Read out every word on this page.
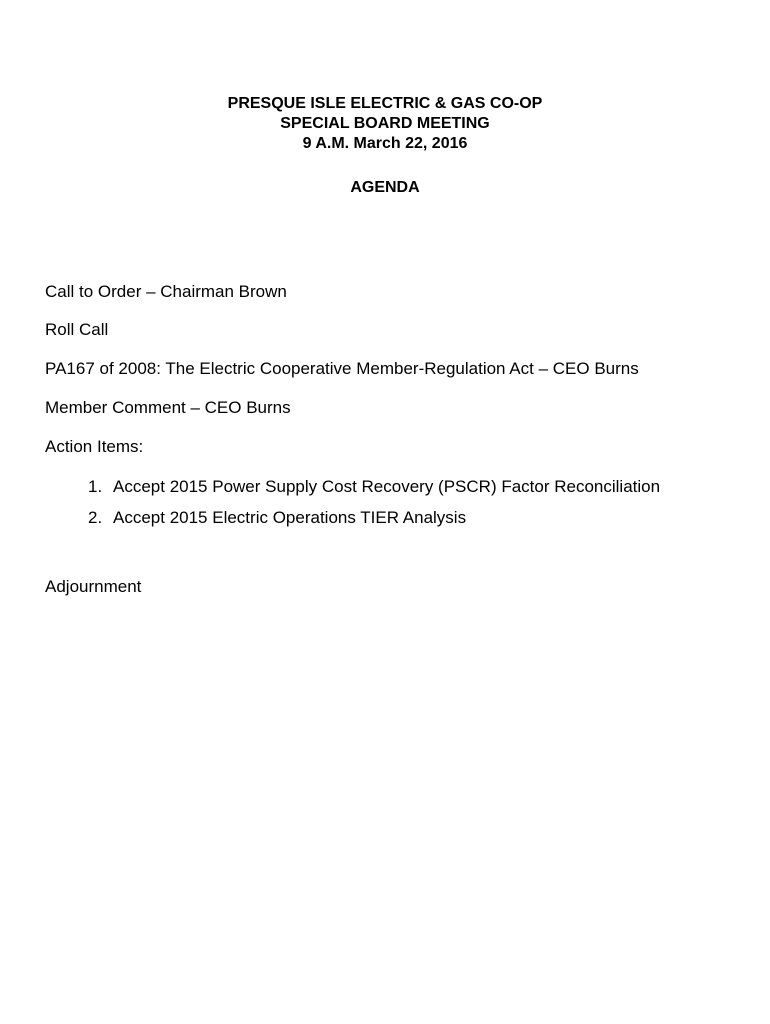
PRESQUE ISLE ELECTRIC & GAS CO-OP
SPECIAL BOARD MEETING
9 A.M. March 22, 2016
AGENDA
Call to Order – Chairman Brown
Roll Call
PA167 of 2008: The Electric Cooperative Member-Regulation Act – CEO Burns
Member Comment – CEO Burns
Action Items:
1. Accept 2015 Power Supply Cost Recovery (PSCR) Factor Reconciliation
2. Accept 2015 Electric Operations TIER Analysis
Adjournment
